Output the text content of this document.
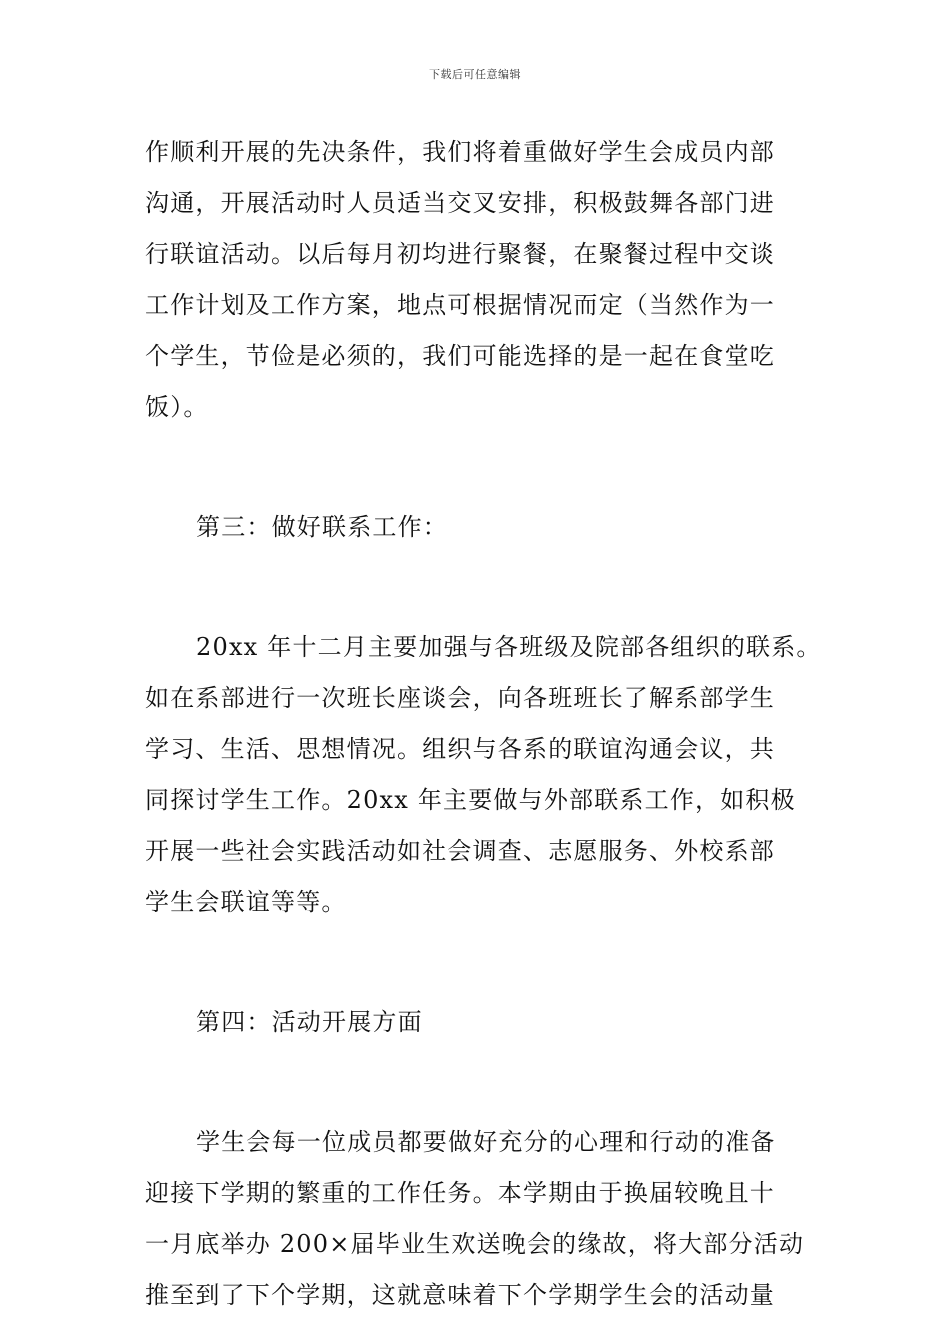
下载后可任意编辑
作顺利开展的先决条件，我们将着重做好学生会成员内部
沟通，开展活动时人员适当交叉安排，积极鼓舞各部门进
行联谊活动。以后每月初均进行聚餐，在聚餐过程中交谈
工作计划及工作方案，地点可根据情况而定（当然作为一
个学生，节俭是必须的，我们可能选择的是一起在食堂吃
饭）。
第三：做好联系工作：
20xx 年十二月主要加强与各班级及院部各组织的联系。
如在系部进行一次班长座谈会，向各班班长了解系部学生
学习、生活、思想情况。组织与各系的联谊沟通会议，共
同探讨学生工作。20xx 年主要做与外部联系工作，如积极
开展一些社会实践活动如社会调查、志愿服务、外校系部
学生会联谊等等。
第四：活动开展方面
学生会每一位成员都要做好充分的心理和行动的准备
迎接下学期的繁重的工作任务。本学期由于换届较晚且十
一月底举办 200×届毕业生欢送晚会的缘故，将大部分活动
推至到了下个学期，这就意味着下个学期学生会的活动量
